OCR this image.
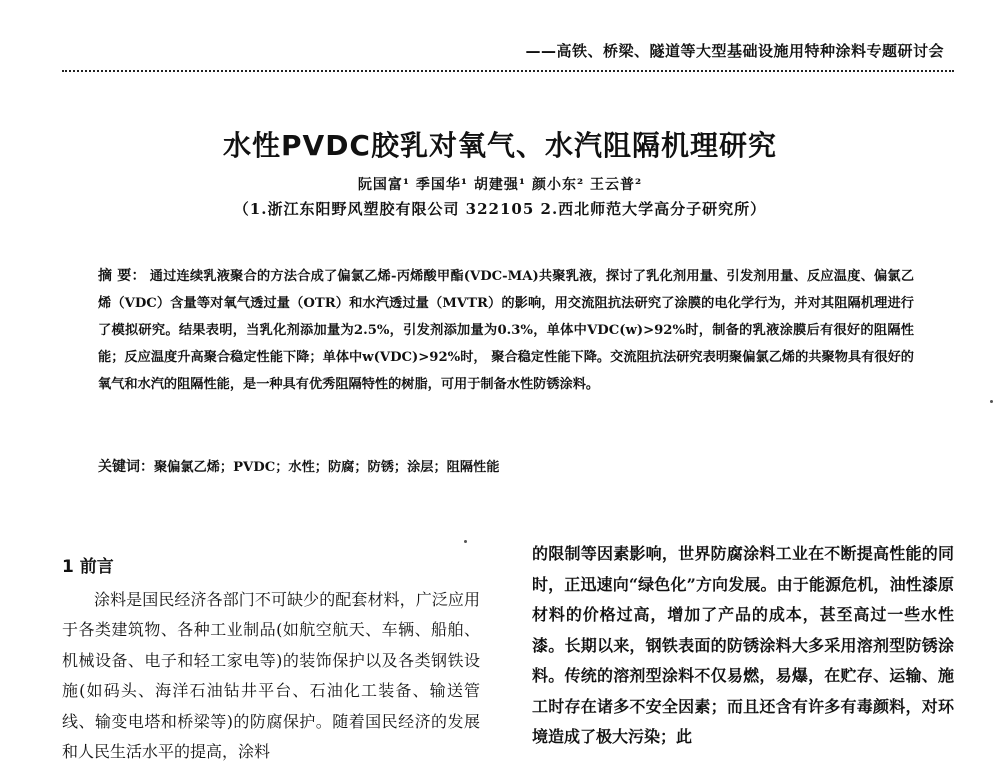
——高铁、桥梁、隧道等大型基础设施用特种涂料专题研讨会
水性PVDC胶乳对氧气、水汽阻隔机理研究
阮国富¹ 季国华¹ 胡建强¹ 颜小东² 王云普²
（1.浙江东阳野风塑胶有限公司 322105 2.西北师范大学高分子研究所）
摘 要： 通过连续乳液聚合的方法合成了偏氯乙烯-丙烯酸甲酯(VDC-MA)共聚乳液，探讨了乳化剂用量、引发剂用量、反应温度、偏氯乙烯（VDC）含量等对氧气透过量（OTR）和水汽透过量（MVTR）的影响，用交流阻抗法研究了涂膜的电化学行为，并对其阻隔机理进行了模拟研究。结果表明，当乳化剂添加量为2.5%，引发剂添加量为0.3%，单体中VDC(w)>92%时，制备的乳液涂膜后有很好的阻隔性能；反应温度升高聚合稳定性能下降；单体中w(VDC)>92%时， 聚合稳定性能下降。交流阻抗法研究表明聚偏氯乙烯的共聚物具有很好的氧气和水汽的阻隔性能，是一种具有优秀阻隔特性的树脂，可用于制备水性防锈涂料。
关键词：聚偏氯乙烯；PVDC；水性；防腐；防锈；涂层；阻隔性能
1 前言

涂料是国民经济各部门不可缺少的配套材料，广泛应用于各类建筑物、各种工业制品(如航空航天、车辆、船舶、机械设备、电子和轻工家电等)的装饰保护以及各类钢铁设施(如码头、海洋石油钻井平台、石油化工装备、输送管线、输变电塔和桥梁等)的防腐保护。随着国民经济的发展和人民生活水平的提高，涂料

的限制等因素影响，世界防腐涂料工业在不断提高性能的同时，正迅速向“绿色化”方向发展。由于能源危机，油性漆原材料的价格过高，增加了产品的成本，甚至高过一些水性漆。长期以来，钢铁表面的防锈涂料大多采用溶剂型防锈涂料。传统的溶剂型涂料不仅易燃，易爆，在贮存、运输、施工时存在诸多不安全因素；而且还含有许多有毒颜料，对环境造成了极大污染；此
